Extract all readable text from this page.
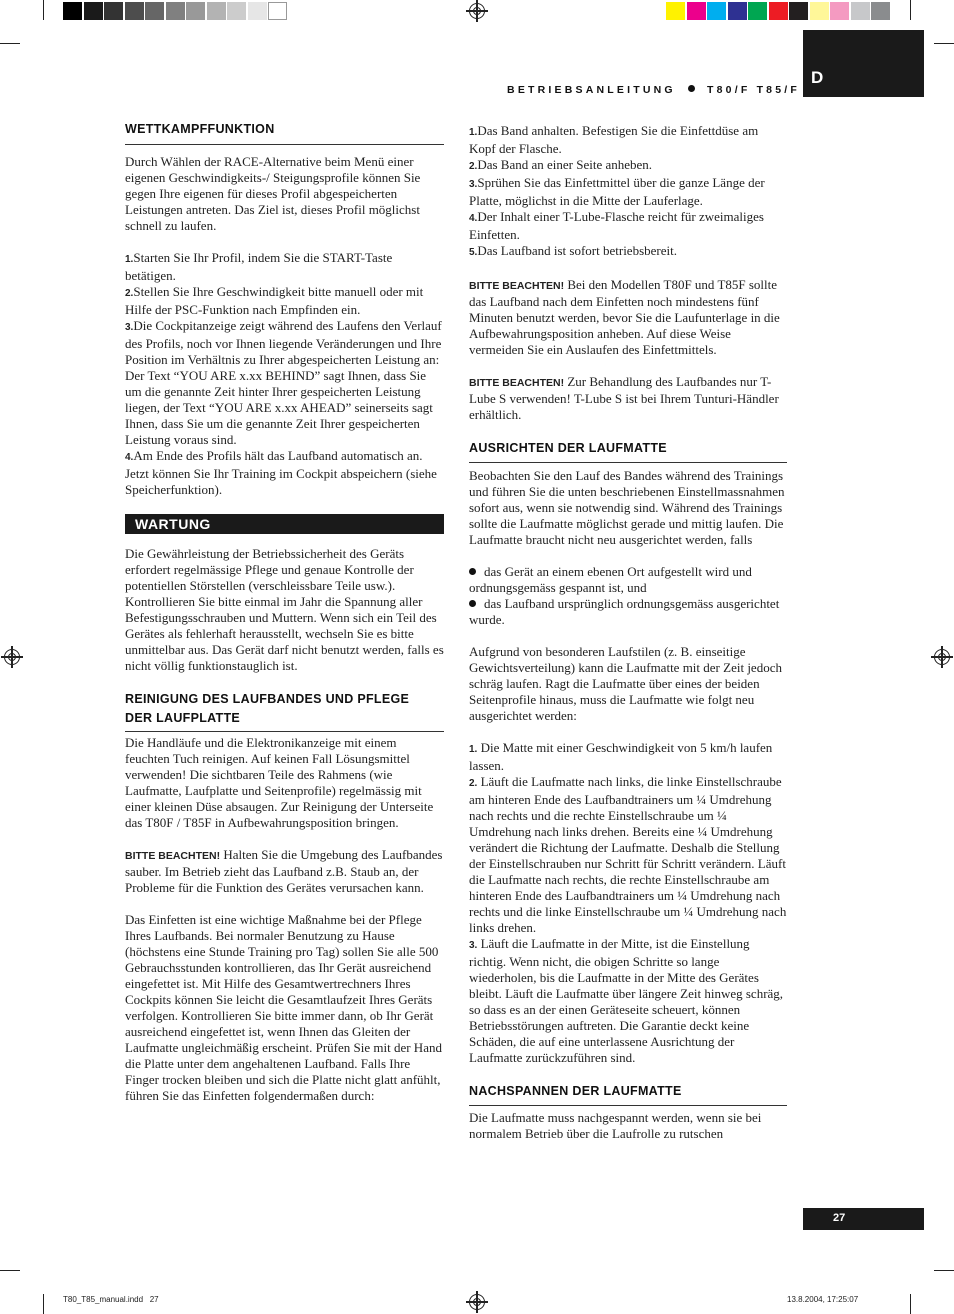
BETRIEBSANLEITUNG	T80/F T85/F
D
WETTKAMPFFUNKTION

Durch Wählen der RACE-Alternative beim Menü einer eigenen Geschwindigkeits-/ Steigungsprofile können Sie gegen Ihre eigenen für dieses Profil abgespeicherten Leistungen antreten. Das Ziel ist, dieses Profil möglichst schnell zu laufen.

1.Starten Sie Ihr Profil, indem Sie die START-Taste betätigen.

2.Stellen Sie Ihre Geschwindigkeit bitte manuell oder mit Hilfe der PSC-Funktion nach Empfinden ein.

3.Die Cockpitanzeige zeigt während des Laufens den Verlauf des Profils, noch vor Ihnen liegende Veränderungen und Ihre Position im Verhältnis zu Ihrer abgespeicherten Leistung an: Der Text “YOU ARE x.xx BEHIND” sagt Ihnen, dass Sie um die genannte Zeit hinter Ihrer gespeicherten Leistung liegen, der Text “YOU ARE x.xx AHEAD” seinerseits sagt Ihnen, dass Sie um die genannte Zeit Ihrer gespeicherten Leistung voraus sind.

4.Am Ende des Profils hält das Laufband automatisch an. Jetzt können Sie Ihr Training im Cockpit abspeichern (siehe Speicherfunktion).

WARTUNG

Die Gewährleistung der Betriebssicherheit des Geräts erfordert regelmässige Pflege und genaue Kontrolle der potentiellen Störstellen (verschleissbare Teile usw.). Kontrollieren Sie bitte einmal im Jahr die Spannung aller Befestigungsschrauben und Muttern. Wenn sich ein Teil des Gerätes als fehlerhaft herausstellt, wechseln Sie es bitte unmittelbar aus. Das Gerät darf nicht benutzt werden, falls es nicht völlig funktionstauglich ist.

REINIGUNG DES LAUFBANDES UND PFLEGE
DER LAUFPLATTE

Die Handläufe und die Elektronikanzeige mit einem feuchten Tuch reinigen. Auf keinen Fall Lösungsmittel verwenden! Die sichtbaren Teile des Rahmens (wie Laufmatte, Laufplatte und Seitenprofile) regelmässig mit einer kleinen Düse absaugen. Zur Reinigung der Unterseite das T80F / T85F in Aufbewahrungsposition bringen.

BITTE BEACHTEN! Halten Sie die Umgebung des Laufbandes sauber. Im Betrieb zieht das Laufband z.B. Staub an, der Probleme für die Funktion des Gerätes verursachen kann.

Das Einfetten ist eine wichtige Maßnahme bei der Pflege Ihres Laufbands. Bei normaler Benutzung zu Hause (höchstens eine Stunde Training pro Tag) sollen Sie alle 500 Gebrauchsstunden kontrollieren, das Ihr Gerät ausreichend eingefettet ist. Mit Hilfe des Gesamtwertrechners Ihres Cockpits können Sie leicht die Gesamtlaufzeit Ihres Geräts verfolgen. Kontrollieren Sie bitte immer dann, ob Ihr Gerät ausreichend eingefettet ist, wenn Ihnen das Gleiten der Laufmatte ungleichmäßig erscheint. Prüfen Sie mit der Hand die Platte unter dem angehaltenen Laufband. Falls Ihre Finger trocken bleiben und sich die Platte nicht glatt anfühlt, führen Sie das Einfetten folgendermaßen durch:

1.Das Band anhalten. Befestigen Sie die Einfettdüse am Kopf der Flasche.

2.Das Band an einer Seite anheben.

3.Sprühen Sie das Einfettmittel über die ganze Länge der Platte, möglichst in die Mitte der Lauferlage.

4.Der Inhalt einer T-Lube-Flasche reicht für zweimaliges Einfetten.

5.Das Laufband ist sofort betriebsbereit.

BITTE BEACHTEN! Bei den Modellen T80F und T85F sollte das Laufband nach dem Einfetten noch mindestens fünf Minuten benutzt werden, bevor Sie die Laufunterlage in die Aufbewahrungsposition anheben. Auf diese Weise vermeiden Sie ein Auslaufen des Einfettmittels.

BITTE BEACHTEN! Zur Behandlung des Laufbandes nur T-Lube S verwenden! T-Lube S ist bei Ihrem Tunturi-Händler erhältlich.

AUSRICHTEN DER LAUFMATTE

Beobachten Sie den Lauf des Bandes während des Trainings und führen Sie die unten beschriebenen Einstellmassnahmen sofort aus, wenn sie notwendig sind. Während des Trainings sollte die Laufmatte möglichst gerade und mittig laufen. Die Laufmatte braucht nicht neu ausgerichtet werden, falls

das Gerät an einem ebenen Ort aufgestellt wird und ordnungsgemäss gespannt ist, und

das Laufband ursprünglich ordnungsgemäss ausgerichtet wurde.

Aufgrund von besonderen Laufstilen (z. B. einseitige Gewichtsverteilung) kann die Laufmatte mit der Zeit jedoch schräg laufen. Ragt die Laufmatte über eines der beiden Seitenprofile hinaus, muss die Laufmatte wie folgt neu ausgerichtet werden:

1. Die Matte mit einer Geschwindigkeit von 5 km/h laufen lassen.

2. Läuft die Laufmatte nach links, die linke Einstellschraube am hinteren Ende des Laufbandtrainers um ¼ Umdrehung nach rechts und die rechte Einstellschraube um ¼ Umdrehung nach links drehen. Bereits eine ¼ Umdrehung verändert die Richtung der Laufmatte. Deshalb die Stellung der Einstellschrauben nur Schritt für Schritt verändern. Läuft die Laufmatte nach rechts, die rechte Einstellschraube am hinteren Ende des Laufbandtrainers um ¼ Umdrehung nach rechts und die linke Einstellschraube um ¼ Umdrehung nach links drehen.

3. Läuft die Laufmatte in der Mitte, ist die Einstellung richtig. Wenn nicht, die obigen Schritte so lange wiederholen, bis die Laufmatte in der Mitte des Gerätes bleibt. Läuft die Laufmatte über längere Zeit hinweg schräg, so dass es an der einen Geräteseite scheuert, können Betriebsstörungen auftreten. Die Garantie deckt keine Schäden, die auf eine unterlassene Ausrichtung der Laufmatte zurückzuführen sind.

NACHSPANNEN DER LAUFMATTE

Die Laufmatte muss nachgespannt werden, wenn sie bei normalem Betrieb über die Laufrolle zu rutschen

27
T80_T85_manual.indd   27	13.8.2004, 17:25:07
